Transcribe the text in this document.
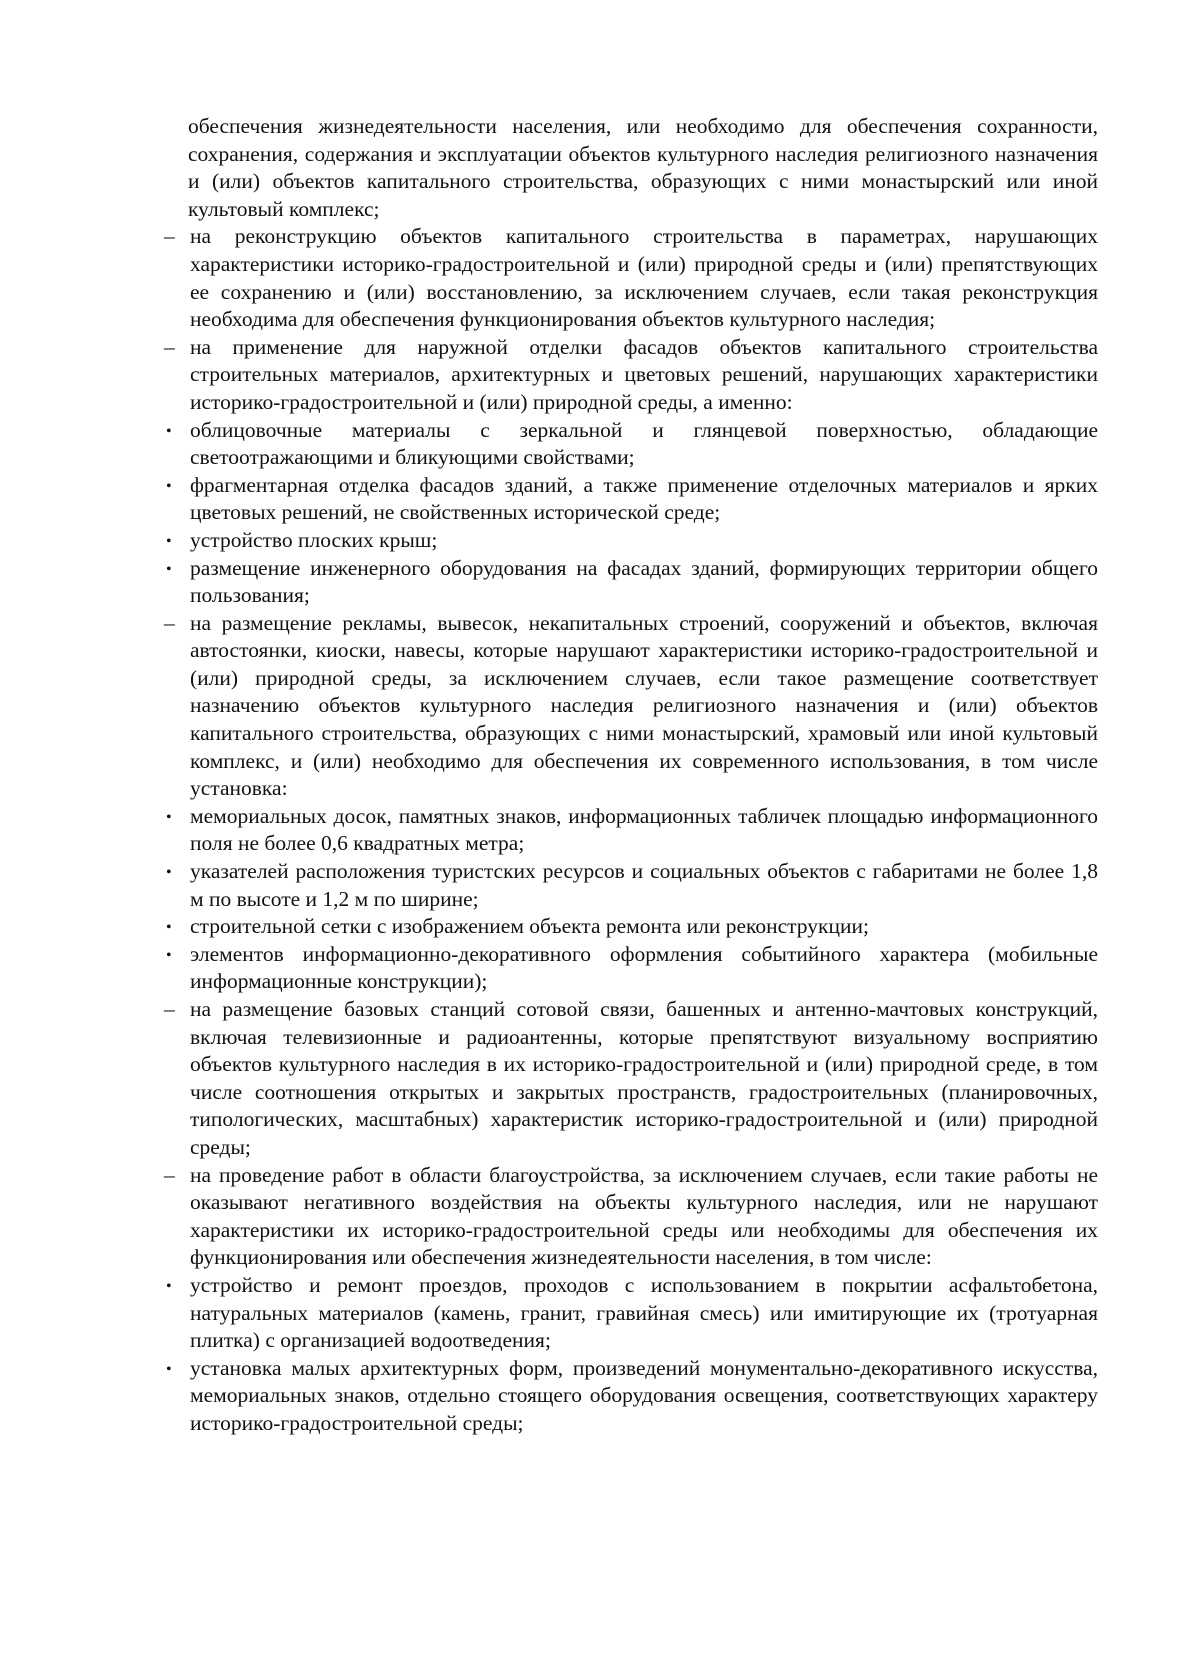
обеспечения жизнедеятельности населения, или необходимо для обеспечения сохранности, сохранения, содержания и эксплуатации объектов культурного наследия религиозного назначения и (или) объектов капитального строительства, образующих с ними монастырский или иной культовый комплекс;
– на реконструкцию объектов капитального строительства в параметрах, нарушающих характеристики историко-градостроительной и (или) природной среды и (или) препятствующих ее сохранению и (или) восстановлению, за исключением случаев, если такая реконструкция необходима для обеспечения функционирования объектов культурного наследия;
– на применение для наружной отделки фасадов объектов капитального строительства строительных материалов, архитектурных и цветовых решений, нарушающих характеристики историко-градостроительной и (или) природной среды, а именно:
• облицовочные материалы с зеркальной и глянцевой поверхностью, обладающие светоотражающими и бликующими свойствами;
• фрагментарная отделка фасадов зданий, а также применение отделочных материалов и ярких цветовых решений, не свойственных исторической среде;
• устройство плоских крыш;
• размещение инженерного оборудования на фасадах зданий, формирующих территории общего пользования;
– на размещение рекламы, вывесок, некапитальных строений, сооружений и объектов, включая автостоянки, киоски, навесы, которые нарушают характеристики историко-градостроительной и (или) природной среды, за исключением случаев, если такое размещение соответствует назначению объектов культурного наследия религиозного назначения и (или) объектов капитального строительства, образующих с ними монастырский, храмовый или иной культовый комплекс, и (или) необходимо для обеспечения их современного использования, в том числе установка:
• мемориальных досок, памятных знаков, информационных табличек площадью информационного поля не более 0,6 квадратных метра;
• указателей расположения туристских ресурсов и социальных объектов с габаритами не более 1,8 м по высоте и 1,2 м по ширине;
• строительной сетки с изображением объекта ремонта или реконструкции;
• элементов информационно-декоративного оформления событийного характера (мобильные информационные конструкции);
– на размещение базовых станций сотовой связи, башенных и антенно-мачтовых конструкций, включая телевизионные и радиоантенны, которые препятствуют визуальному восприятию объектов культурного наследия в их историко-градостроительной и (или) природной среде, в том числе соотношения открытых и закрытых пространств, градостроительных (планировочных, типологических, масштабных) характеристик историко-градостроительной и (или) природной среды;
– на проведение работ в области благоустройства, за исключением случаев, если такие работы не оказывают негативного воздействия на объекты культурного наследия, или не нарушают характеристики их историко-градостроительной среды или необходимы для обеспечения их функционирования или обеспечения жизнедеятельности населения, в том числе:
• устройство и ремонт проездов, проходов с использованием в покрытии асфальтобетона, натуральных материалов (камень, гранит, гравийная смесь) или имитирующие их (тротуарная плитка) с организацией водоотведения;
• установка малых архитектурных форм, произведений монументально-декоративного искусства, мемориальных знаков, отдельно стоящего оборудования освещения, соответствующих характеру историко-градостроительной среды;
